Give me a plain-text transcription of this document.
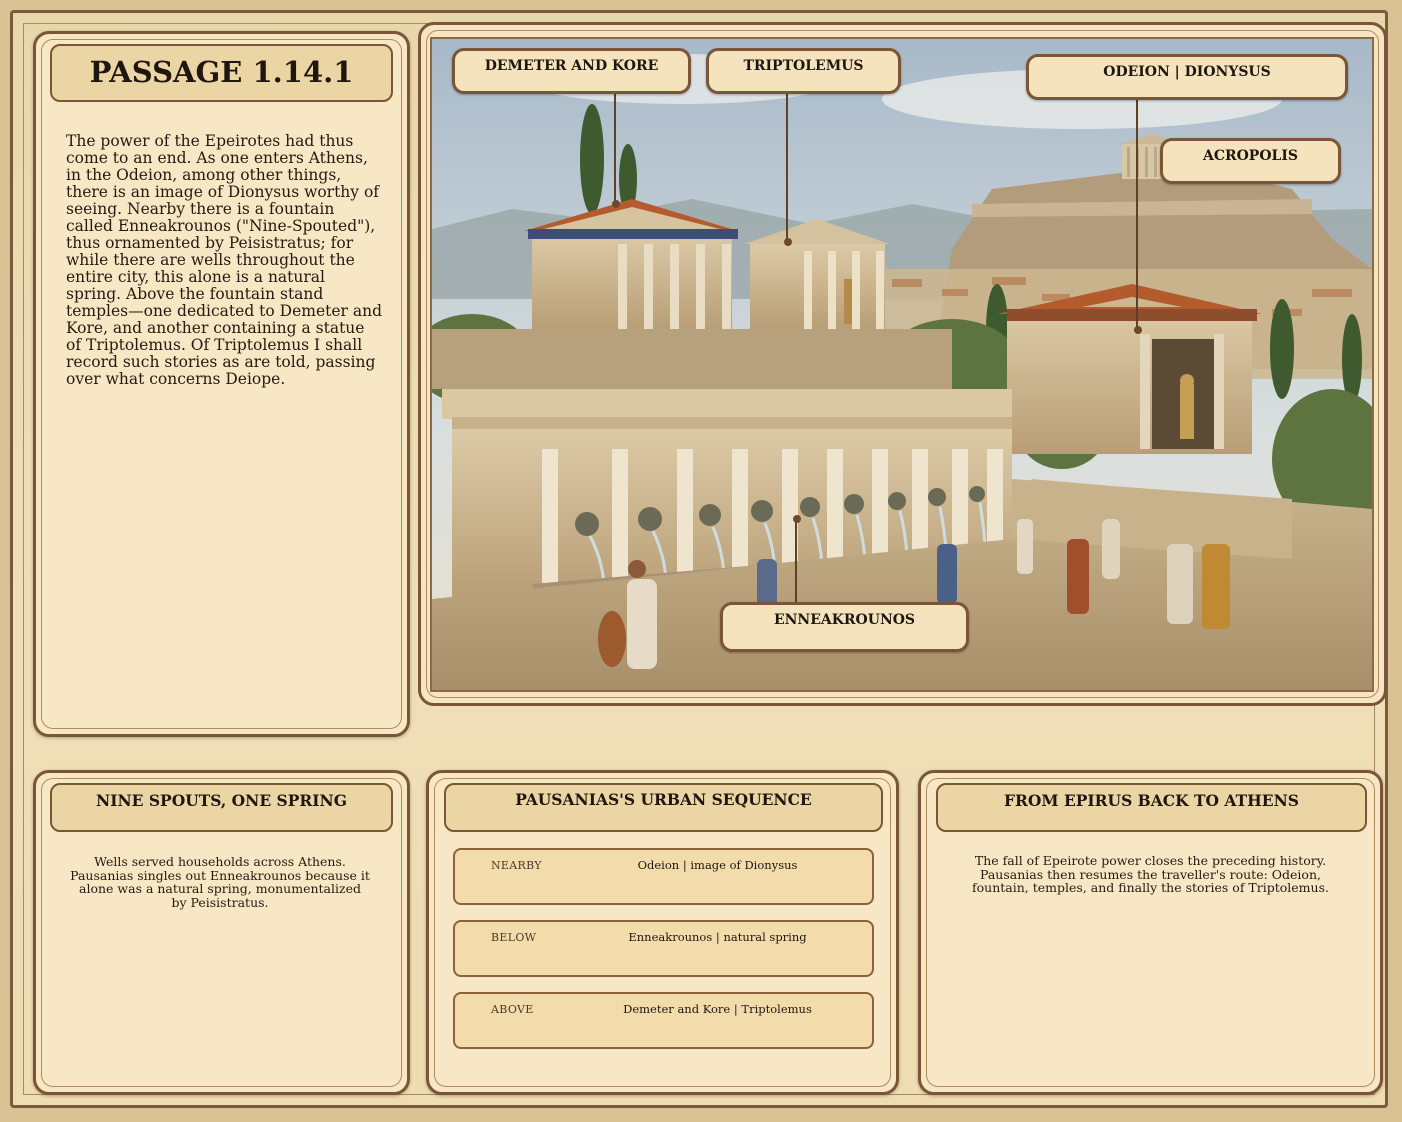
PASSAGE 1.14.1
The power of the Epeirotes had thus come to an end. As one enters Athens, in the Odeion, among other things, there is an image of Dionysus worthy of seeing. Nearby there is a fountain called Enneakrounos ("Nine-Spouted"), thus ornamented by Peisistratus; for while there are wells throughout the entire city, this alone is a natural spring. Above the fountain stand temples—one dedicated to Demeter and Kore, and another containing a statue of Triptolemus. Of Triptolemus I shall record such stories as are told, passing over what concerns Deiope.
DEMETER AND KORE	TRIPTOLEMUS	ODEION | DIONYSUS
ACROPOLIS
ENNEAKROUNOS
NINE SPOUTS, ONE SPRING
Wells served households across Athens. Pausanias singles out Enneakrounos because it alone was a natural spring, monumentalized by Peisistratus.
PAUSANIAS'S URBAN SEQUENCE
NEARBY	Odeion | image of Dionysus
BELOW	Enneakrounos | natural spring
ABOVE	Demeter and Kore | Triptolemus
FROM EPIRUS BACK TO ATHENS
The fall of Epeirote power closes the preceding history. Pausanias then resumes the traveller's route: Odeion, fountain, temples, and finally the stories of Triptolemus.
